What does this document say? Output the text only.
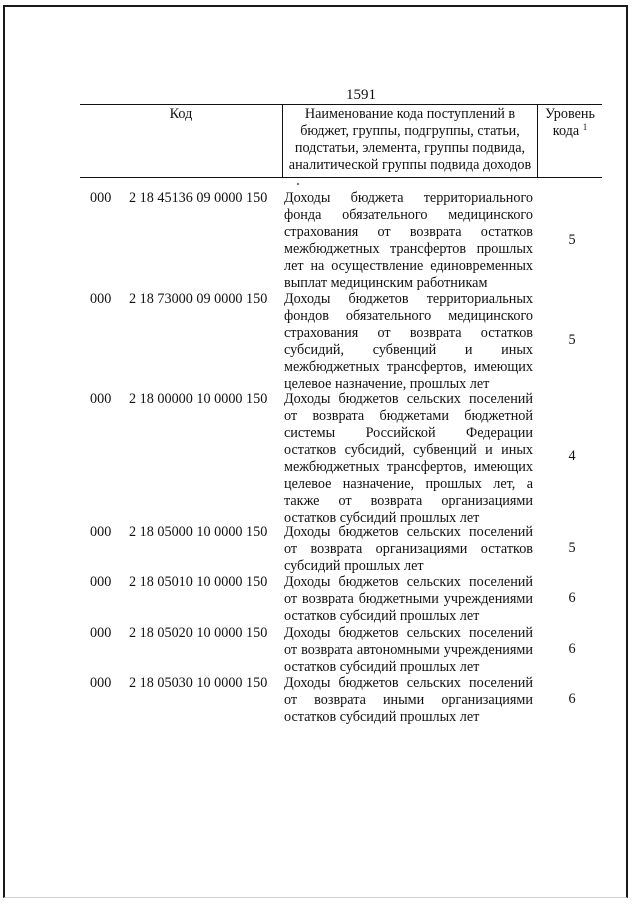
1591
Код	Наименование кода поступлений в
бюджет, группы, подгруппы, статьи,
подстатьи, элемента, группы подвида,
аналитической группы подвида доходов
Уровень
кода $^1$
000 2 18 45136 09 0000 150 Доходы бюджета территориального
фонда обязательного медицинского
страхования от возврата остатков
межбюджетных трансфертов прошлых
лет на осуществление единовременных
выплат медицинским работникам
5
000 2 18 73000 09 0000 150 Доходы бюджетов территориальных
фондов обязательного медицинского
страхования от возврата остатков
субсидий, субвенций и иных
межбюджетных трансфертов, имеющих
целевое назначение, прошлых лет
5
000 2 18 00000 10 0000 150 Доходы бюджетов сельских поселений
от возврата бюджетами бюджетной
системы Российской Федерации
остатков субсидий, субвенций и иных
межбюджетных трансфертов, имеющих
целевое назначение, прошлых лет, а
также от возврата организациями
остатков субсидий прошлых лет
4
000 2 18 05000 10 0000 150 Доходы бюджетов сельских поселений
от возврата организациями остатков
субсидий прошлых лет
5
000 2 18 05010 10 0000 150 Доходы бюджетов сельских поселений
от возврата бюджетными учреждениями
остатков субсидий прошлых лет
6
000 2 18 05020 10 0000 150 Доходы бюджетов сельских поселений
от возврата автономными учреждениями
остатков субсидий прошлых лет
6
000 2 18 05030 10 0000 150 Доходы бюджетов сельских поселений
от возврата иными организациями
остатков субсидий прошлых лет
6
